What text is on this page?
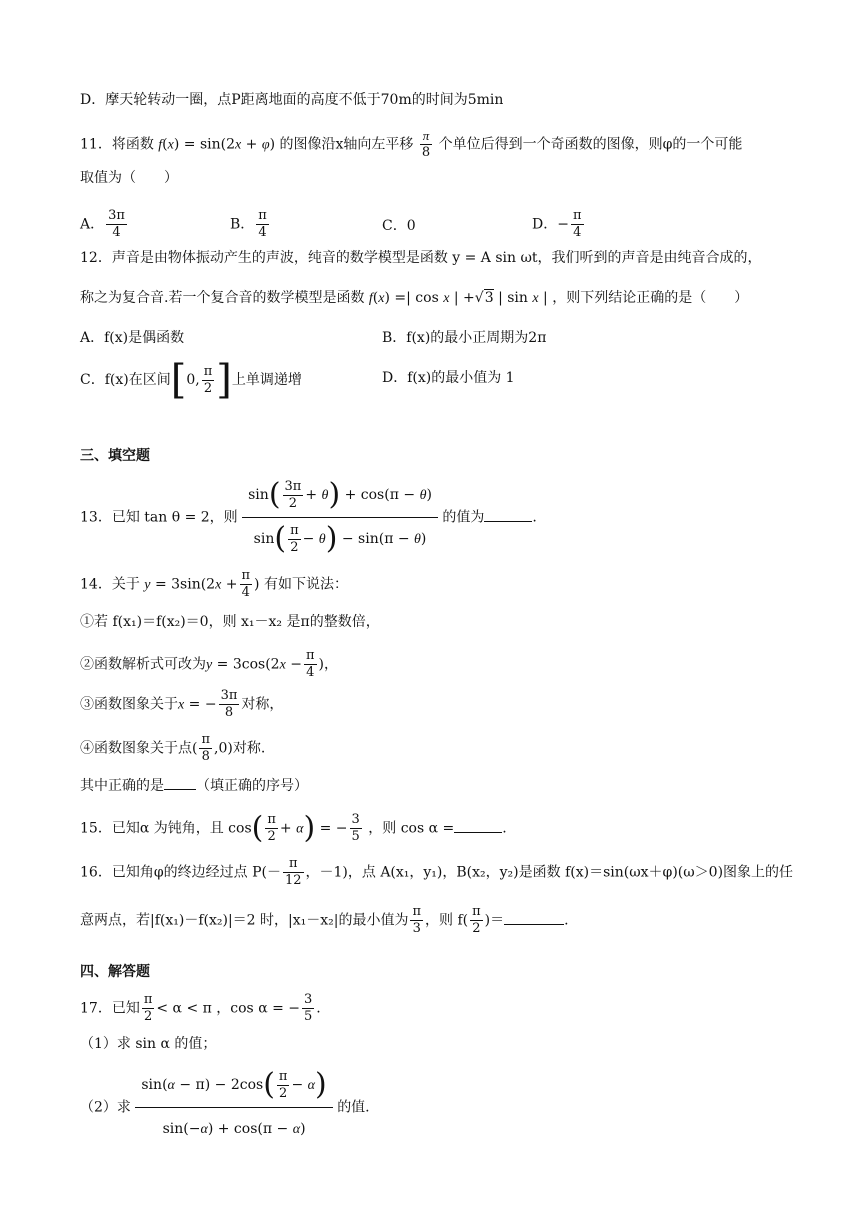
D．摩天轮转动一圈，点P距离地面的高度不低于70m的时间为5min
11．将函数 f(x) = sin(2x + φ) 的图像沿x轴向左平移 $\frac{\pi}{8}$ 个单位后得到一个奇函数的图像，则φ的一个可能
取值为（　　）
A． $\frac{3\pi}{4}$	B． $\frac{\pi}{4}$	C．0	D．− $\frac{\pi}{4}$
12．声音是由物体振动产生的声波，纯音的数学模型是函数 y = A sin ωt，我们听到的声音是由纯音合成的，
称之为复合音.若一个复合音的数学模型是函数 f(x) =| cos x | +√3 | sin x | ，则下列结论正确的是（　　）
A．f(x)是偶函数	B．f(x)的最小正周期为2π
C．f(x)在区间[0, $\frac{\pi}{2}$ ]上单调递增	D．f(x)的最小值为 1
三、填空题
13．已知 tan θ = 2，则 $\frac{\sin( \frac{3\pi}{2} + \theta) + \cos(\pi - \theta)}{\sin( \frac{\pi}{2} - \theta) - \sin(\pi - \theta)}$ 的值为	.
14．关于 $y = 3\sin(2x + \frac{\pi}{4}$ ) 有如下说法：
①若 f(x₁)＝f(x₂)＝0，则 x₁－x₂ 是π的整数倍，
②函数解析式可改为$y = 3\cos(2x - \frac{\pi}{4}$ )，
③函数图象关于x = − $\frac{3\pi}{8}$ 对称，
④函数图象关于点( $\frac{\pi}{8} ,0$)对称.
其中正确的是 （填正确的序号）
15．已知α 为钝角，且 $\cos( \frac{\pi}{2} + \alpha)$ = − $\frac{3}{5}$ ，则 cos α =	.
16．已知角φ的终边经过点 $P(- \frac{\pi}{12}$ ，－1)，点 A(x₁，y₁)，B(x₂，y₂)是函数 f(x)＝sin(ωx＋φ)(ω＞0)图象上的任
意两点，若|f(x₁)－f(x₂)|＝2 时，|x₁－x₂|的最小值为 $\frac{\pi}{3}$ ，则 $f( \frac{\pi}{2}$ )＝	.
四、解答题
17．已知 $\frac{\pi}{2} < \alpha < \pi$ ，cos α = − $\frac{3}{5}$ .
（1）求 sin α 的值；
（2）求 $\frac{\sin(\alpha - \pi) - 2\cos( \frac{\pi}{2} - \alpha)}{\sin(-\alpha) + \cos(\pi - \alpha)}$ 的值.
